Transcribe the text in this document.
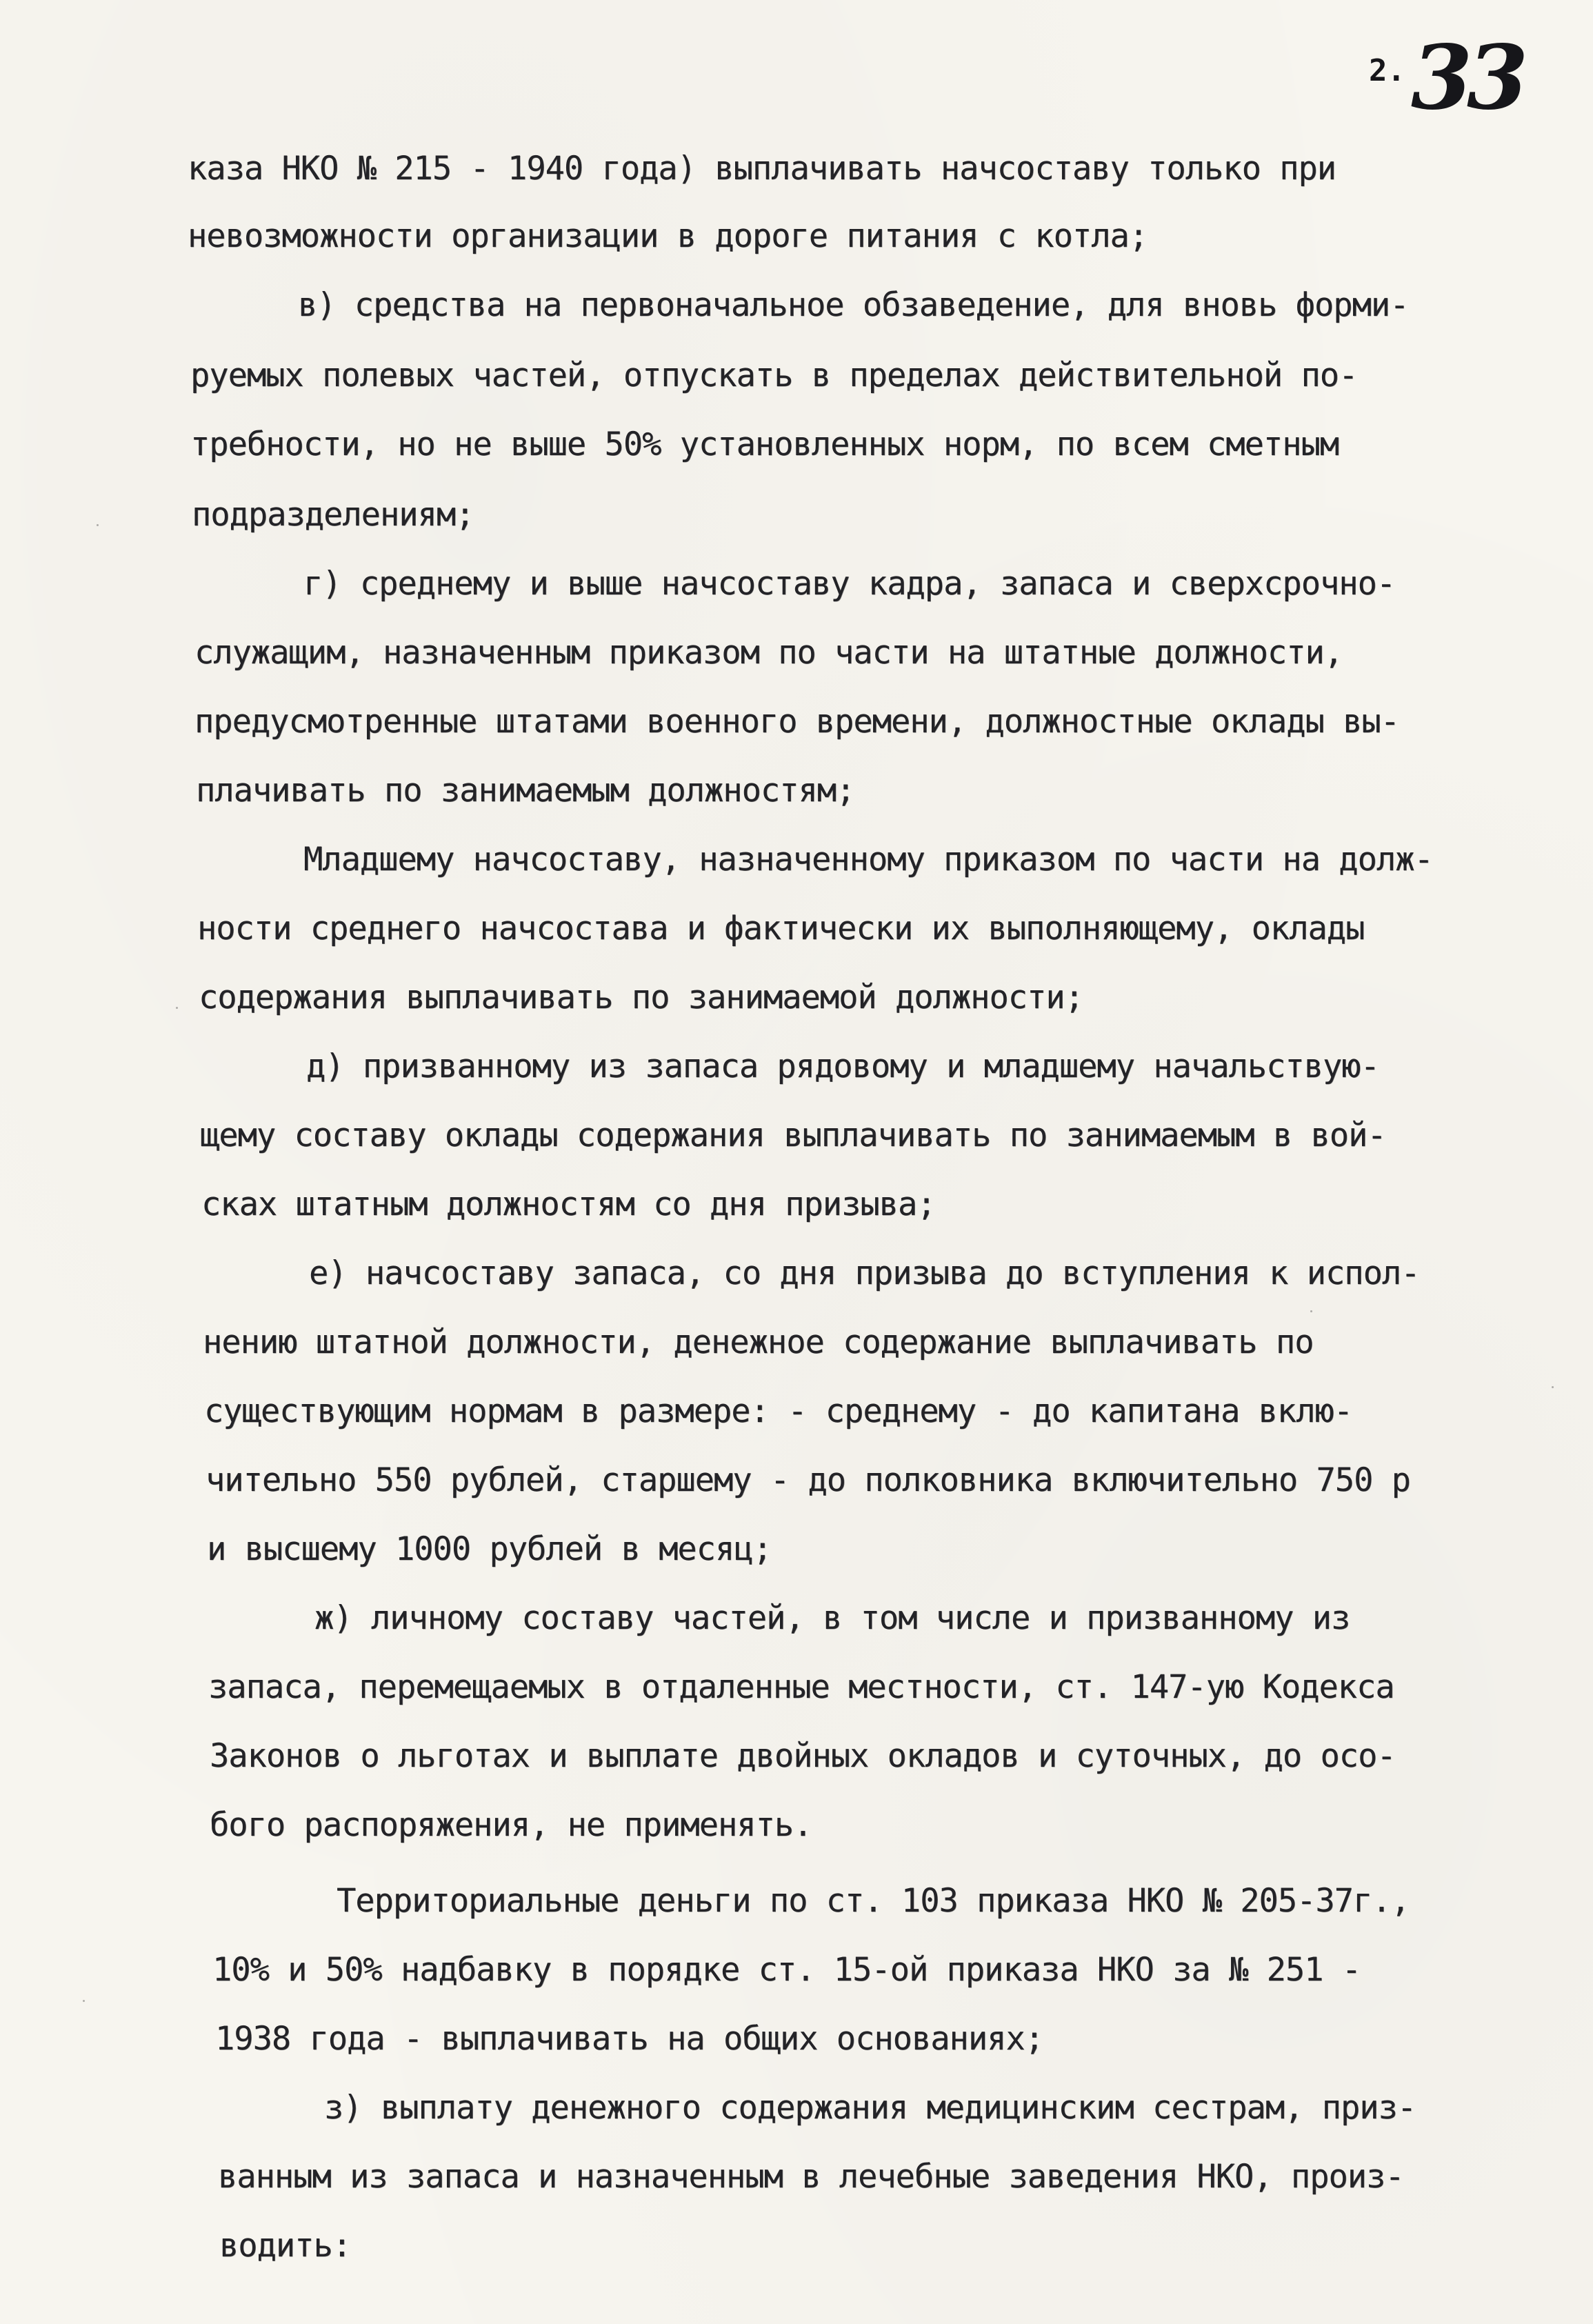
2.33
каза НКО № 215 - 1940 года) выплачивать начсоставу только при
невозможности организации в дороге питания с котла;
в) средства на первоначальное обзаведение, для вновь форми-
руемых полевых частей, отпускать в пределах действительной по-
требности, но не выше 50% установленных норм, по всем сметным
подразделениям;
г) среднему и выше начсоставу кадра, запаса и сверхсрочно-
служащим, назначенным приказом по части на штатные должности,
предусмотренные штатами военного времени, должностные оклады вы-
плачивать по занимаемым должностям;
Младшему начсоставу, назначенному приказом по части на долж-
ности среднего начсостава и фактически их выполняющему, оклады
содержания выплачивать по занимаемой должности;
д) призванному из запаса рядовому и младшему начальствую-
щему составу оклады содержания выплачивать по занимаемым в вой-
сках штатным должностям со дня призыва;
е) начсоставу запаса, со дня призыва до вступления к испол-
нению штатной должности, денежное содержание выплачивать по
существующим нормам в размере: - среднему - до капитана вклю-
чительно 550 рублей, старшему - до полковника включительно 750 р
и высшему 1000 рублей в месяц;
ж) личному составу частей, в том числе и призванному из
запаса, перемещаемых в отдаленные местности, ст. 147-ую Кодекса
Законов о льготах и выплате двойных окладов и суточных, до осо-
бого распоряжения, не применять.
Территориальные деньги по ст. 103 приказа НКО № 205-37г.,
10% и 50% надбавку в порядке ст. 15-ой приказа НКО за № 251 -
1938 года - выплачивать на общих основаниях;
з) выплату денежного содержания медицинским сестрам, приз-
ванным из запаса и назначенным в лечебные заведения НКО, произ-
водить:
